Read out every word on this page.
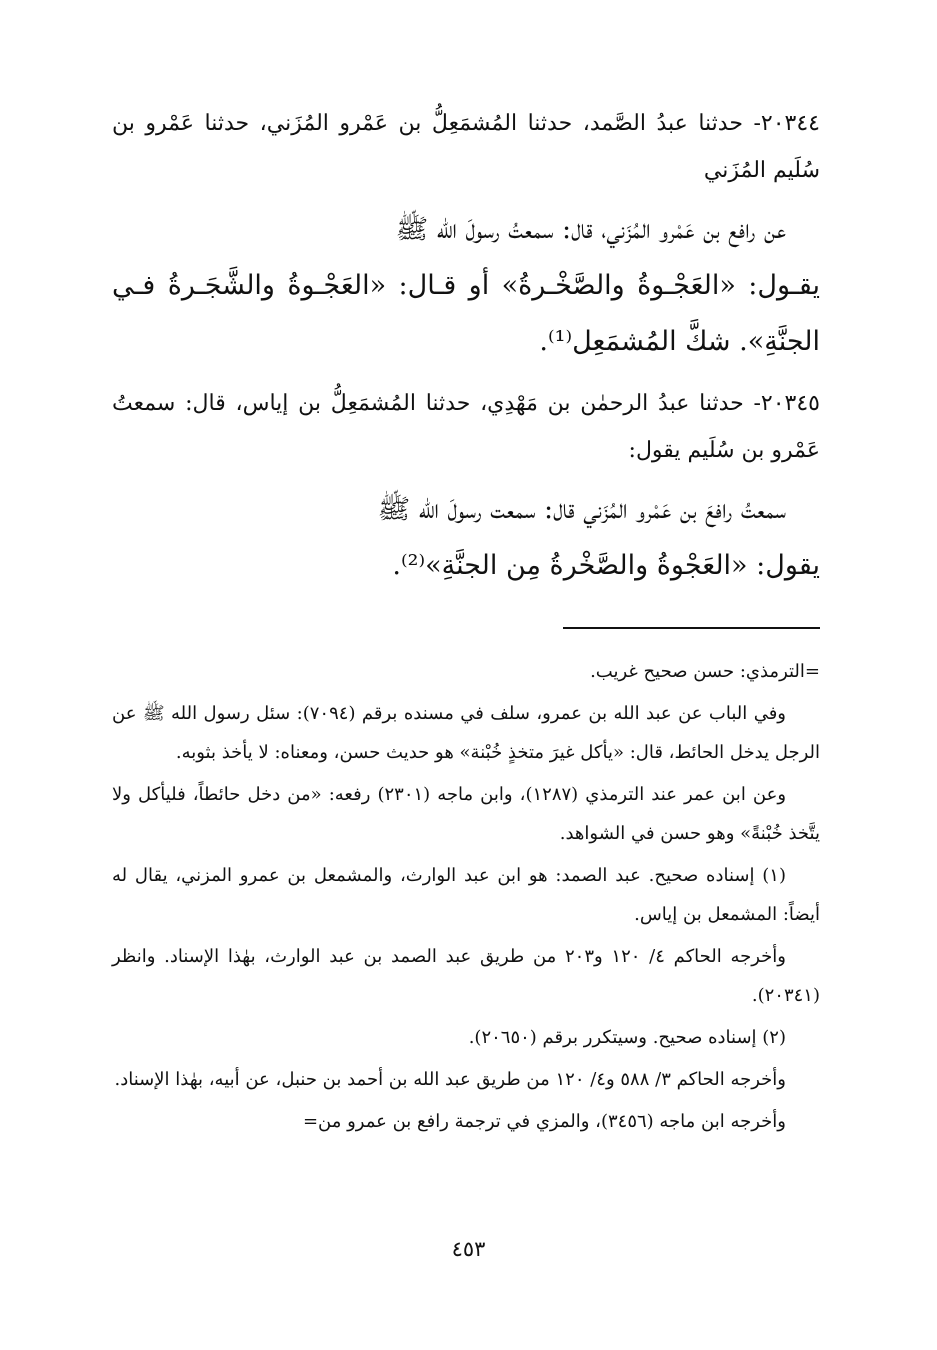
٢٠٣٤٤- حدثنا عبدُ الصَّمد، حدثنا المُشمَعِلُّ بن عَمْرو المُزَني، حدثنا عَمْرو بن سُلَيم المُزَني

عن رافع بن عَمْرو المُزَني، قال: سمعتُ رسولَ الله ﷺ
يقـول: «العَجْـوةُ والصَّخْـرةُ» أو قـال: «العَجْـوةُ والشَّجَـرةُ فـي الجنَّةِ». شكَّ المُشمَعِل⁽¹⁾.

٢٠٣٤٥- حدثنا عبدُ الرحمٰن بن مَهْدِي، حدثنا المُشمَعِلُّ بن إياس، قال: سمعتُ عَمْرو بن سُلَيم يقول:

سمعتُ رافعَ بن عَمْرو المُزَني قال: سمعت رسولَ الله ﷺ
يقول: «العَجْوةُ والصَّخْرةُ مِن الجنَّةِ»⁽²⁾.

=الترمذي: حسن صحيح غريب.

وفي الباب عن عبد الله بن عمرو، سلف في مسنده برقم (٧٠٩٤): سئل رسول الله ﷺ عن الرجل يدخل الحائط، قال: «يأكل غيرَ متخذٍ خُبْنة» هو حديث حسن، ومعناه: لا يأخذ بثوبه.

وعن ابن عمر عند الترمذي (١٢٨٧)، وابن ماجه (٢٣٠١) رفعه: «من دخل حائطاً، فليأكل ولا يتَّخذ خُبْنةً» وهو حسن في الشواهد.

(١) إسناده صحيح. عبد الصمد: هو ابن عبد الوارث، والمشمعل بن عمرو المزني، يقال له أيضاً: المشمعل بن إياس.

وأخرجه الحاكم ٤/ ١٢٠ و٢٠٣ من طريق عبد الصمد بن عبد الوارث، بهٰذا الإسناد. وانظر (٢٠٣٤١).

(٢) إسناده صحيح. وسيتكرر برقم (٢٠٦٥٠).

وأخرجه الحاكم ٣/ ٥٨٨ و٤/ ١٢٠ من طريق عبد الله بن أحمد بن حنبل، عن أبيه، بهٰذا الإسناد.

وأخرجه ابن ماجه (٣٤٥٦)، والمزي في ترجمة رافع بن عمرو من=

٤٥٣
